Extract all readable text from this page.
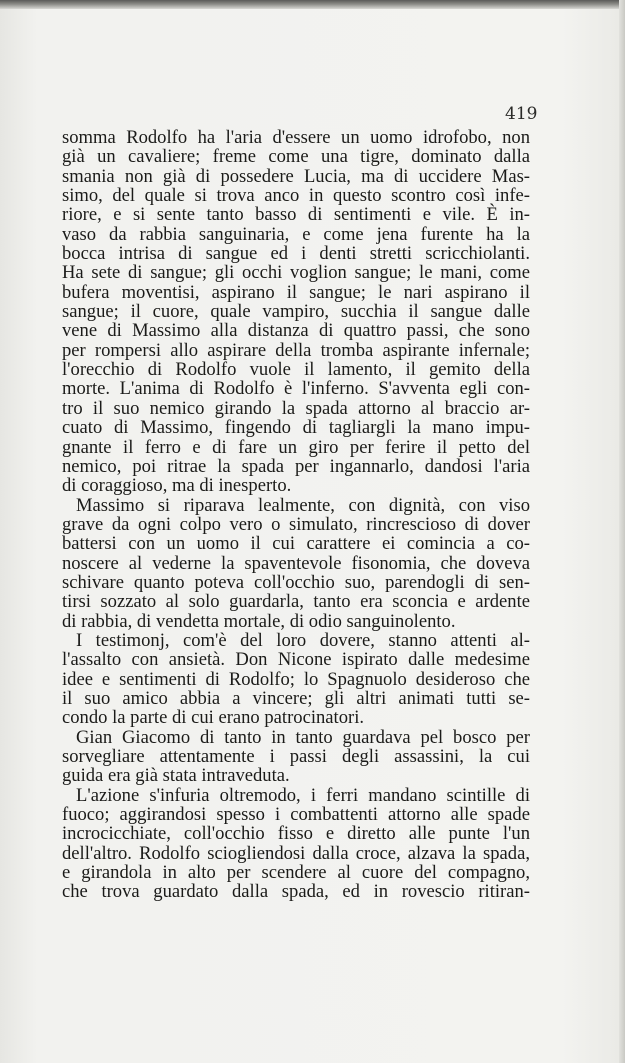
419
somma Rodolfo ha l'aria d'essere un uomo idrofobo, non
già un cavaliere; freme come una tigre, dominato dalla
smania non già di possedere Lucia, ma di uccidere Mas-
simo, del quale si trova anco in questo scontro così infe-
riore, e si sente tanto basso di sentimenti e vile. È in-
vaso da rabbia sanguinaria, e come jena furente ha la
bocca intrisa di sangue ed i denti stretti scricchiolanti.
Ha sete di sangue; gli occhi voglion sangue; le mani, come
bufera moventisi, aspirano il sangue; le nari aspirano il
sangue; il cuore, quale vampiro, succhia il sangue dalle
vene di Massimo alla distanza di quattro passi, che sono
per rompersi allo aspirare della tromba aspirante infernale;
l'orecchio di Rodolfo vuole il lamento, il gemito della
morte. L'anima di Rodolfo è l'inferno. S'avventa egli con-
tro il suo nemico girando la spada attorno al braccio ar-
cuato di Massimo, fingendo di tagliargli la mano impu-
gnante il ferro e di fare un giro per ferire il petto del
nemico, poi ritrae la spada per ingannarlo, dandosi l'aria
di coraggioso, ma di inesperto.
Massimo si riparava lealmente, con dignità, con viso
grave da ogni colpo vero o simulato, rincrescioso di dover
battersi con un uomo il cui carattere ei comincia a co-
noscere al vederne la spaventevole fisonomia, che doveva
schivare quanto poteva coll'occhio suo, parendogli di sen-
tirsi sozzato al solo guardarla, tanto era sconcia e ardente
di rabbia, di vendetta mortale, di odio sanguinolento.
I testimonj, com'è del loro dovere, stanno attenti al-
l'assalto con ansietà. Don Nicone ispirato dalle medesime
idee e sentimenti di Rodolfo; lo Spagnuolo desideroso che
il suo amico abbia a vincere; gli altri animati tutti se-
condo la parte di cui erano patrocinatori.
Gian Giacomo di tanto in tanto guardava pel bosco per
sorvegliare attentamente i passi degli assassini, la cui
guida era già stata intraveduta.
L'azione s'infuria oltremodo, i ferri mandano scintille di
fuoco; aggirandosi spesso i combattenti attorno alle spade
incrocicchiate, coll'occhio fisso e diretto alle punte l'un
dell'altro. Rodolfo sciogliendosi dalla croce, alzava la spada,
e girandola in alto per scendere al cuore del compagno,
che trova guardato dalla spada, ed in rovescio ritiran-
